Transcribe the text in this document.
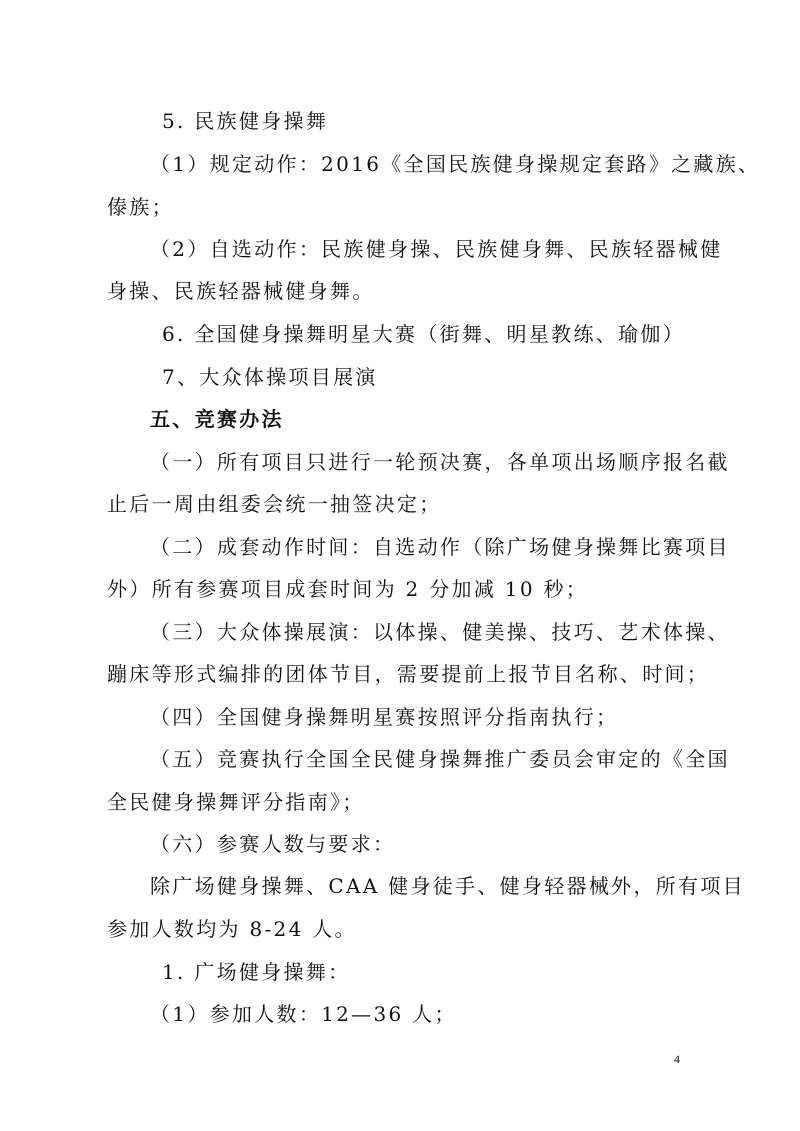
5. 民族健身操舞
（1）规定动作：2016《全国民族健身操规定套路》之藏族、
傣族；
（2）自选动作：民族健身操、民族健身舞、民族轻器械健
身操、民族轻器械健身舞。
6. 全国健身操舞明星大赛（街舞、明星教练、瑜伽）
7、大众体操项目展演
五、竞赛办法
（一）所有项目只进行一轮预决赛，各单项出场顺序报名截
止后一周由组委会统一抽签决定；
（二）成套动作时间：自选动作（除广场健身操舞比赛项目
外）所有参赛项目成套时间为 2 分加减 10 秒；
（三）大众体操展演：以体操、健美操、技巧、艺术体操、
蹦床等形式编排的团体节目，需要提前上报节目名称、时间；
（四）全国健身操舞明星赛按照评分指南执行；
（五）竞赛执行全国全民健身操舞推广委员会审定的《全国
全民健身操舞评分指南》；
（六）参赛人数与要求：
除广场健身操舞、CAA 健身徒手、健身轻器械外，所有项目
参加人数均为 8-24 人。
1. 广场健身操舞：
（1）参加人数：12—36 人；
4
